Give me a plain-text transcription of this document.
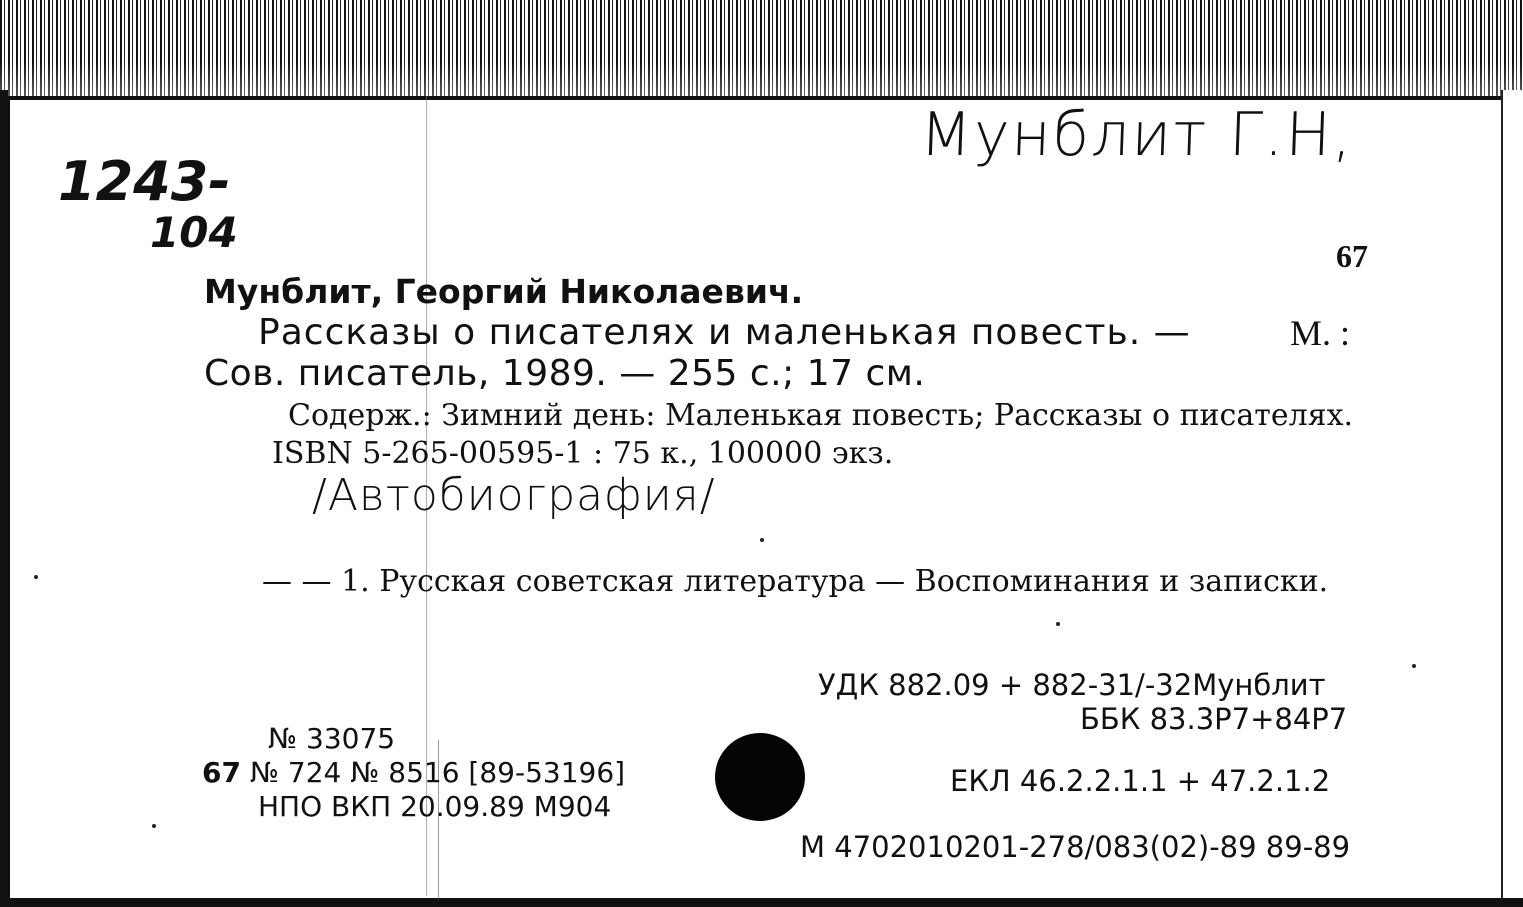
Мунблит Г.Н,
1243-
104	67
Мунблит, Георгий Николаевич.
Рассказы о писателях и маленькая повесть. —	М. :
Сов. писатель, 1989. — 255 с.; 17 см.
Содерж.: Зимний день: Маленькая повесть; Рассказы о писателях.
ISBN 5-265-00595-1 : 75 к., 100000 экз.
/Автобиография/
— — 1. Русская советская литература — Воспоминания и записки.
УДК 882.09 + 882-31/-32Мунблит
ББК 83.3Р7+84Р7
ЕКЛ 46.2.2.1.1 + 47.2.1.2
М 4702010201-278/083(02)-89 89-89
№ 33075
67 № 724 № 8516 [89-53196]
НПО ВКП 20.09.89 М904
